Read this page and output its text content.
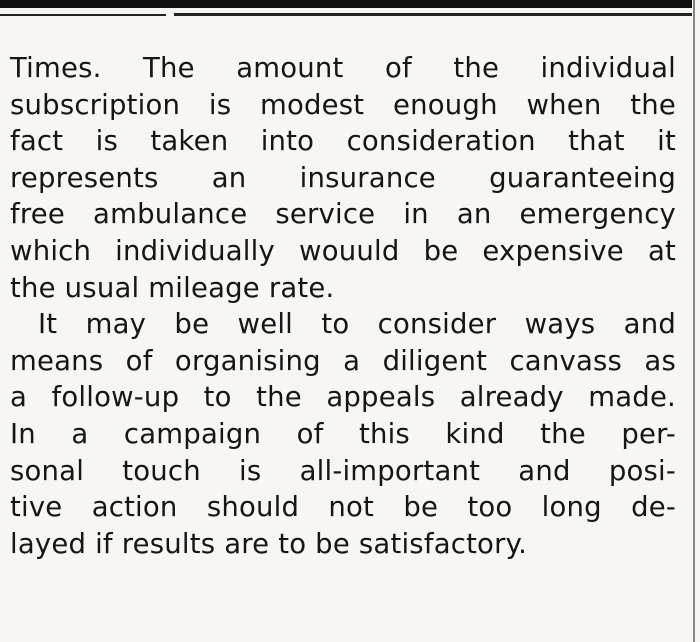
Times. The amount of the individual
subscription is modest enough when the
fact is taken into consideration that it
represents an insurance guaranteeing
free ambulance service in an emergency
which individually wouuld be expensive at
the usual mileage rate.
It may be well to consider ways and
means of organising a diligent canvass as
a follow-up to the appeals already made.
In a campaign of this kind the per-
sonal touch is all-important and posi-
tive action should not be too long de-
layed if results are to be satisfactory.
